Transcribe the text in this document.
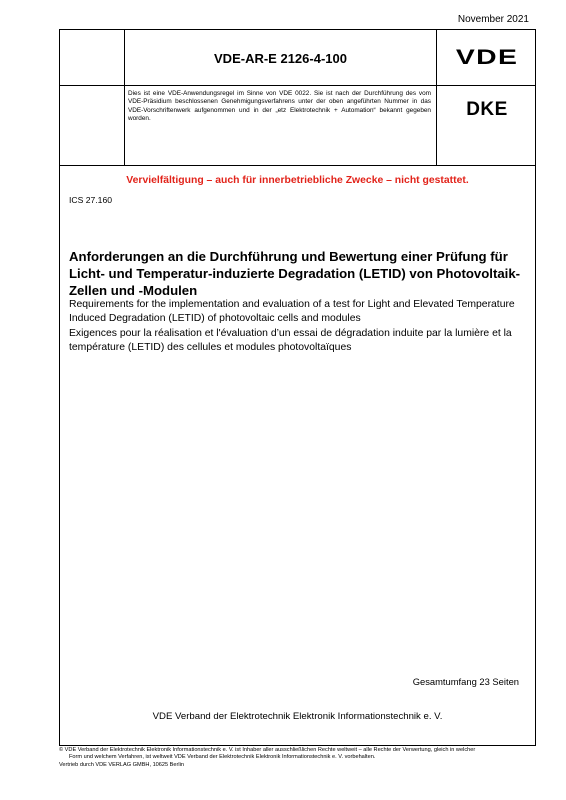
November 2021
VDE-AR-E 2126-4-100	VDE
Dies ist eine VDE-Anwendungsregel im Sinne von VDE 0022. Sie ist nach der Durchführung des vom VDE-Präsidium beschlossenen Genehmigungsverfahrens unter der oben angeführten Nummer in das VDE-Vorschriftenwerk aufgenommen und in der „etz Elektrotechnik + Automation“ bekannt gegeben worden.	DKE
Vervielfältigung – auch für innerbetriebliche Zwecke – nicht gestattet.
ICS 27.160
Anforderungen an die Durchführung und Bewertung einer Prüfung für Licht- und Temperatur-induzierte Degradation (LETID) von Photovoltaik-Zellen und -Modulen
Requirements for the implementation and evaluation of a test for Light and Elevated Temperature Induced Degradation (LETID) of photovoltaic cells and modules
Exigences pour la réalisation et l'évaluation d’un essai de dégradation induite par la lumière et la température (LETID) des cellules et modules photovoltaïques
Gesamtumfang 23 Seiten
VDE Verband der Elektrotechnik Elektronik Informationstechnik e. V.

© VDE Verband der Elektrotechnik Elektronik Informationstechnik e. V. ist Inhaber aller ausschließlichen Rechte weltweit – alle Rechte der Verwertung, gleich in welcher

Form und welchem Verfahren, ist weltweit VDE Verband der Elektrotechnik Elektronik Informationstechnik e. V. vorbehalten.

Vertrieb durch VDE VERLAG GMBH, 10625 Berlin
